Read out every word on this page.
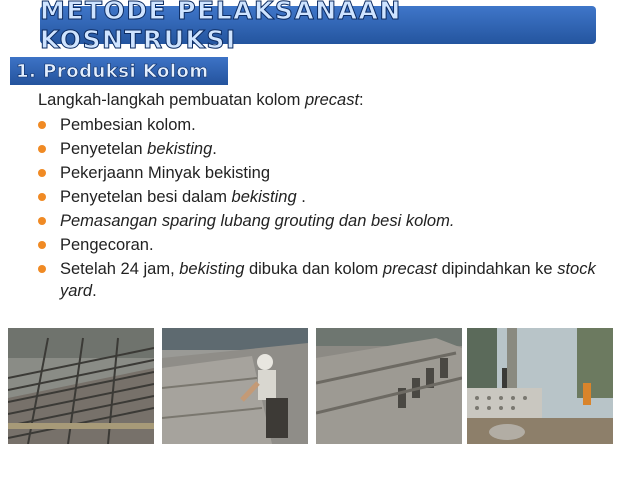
METODE PELAKSANAAN KOSNTRUKSI
1. Produksi Kolom
Langkah-langkah pembuatan kolom precast:
Pembesian kolom.
Penyetelan bekisting.
Pekerjaann Minyak bekisting
Penyetelan besi dalam bekisting .
Pemasangan sparing lubang grouting dan besi kolom.
Pengecoran.
Setelah 24 jam, bekisting dibuka dan kolom precast dipindahkan ke stock yard.
